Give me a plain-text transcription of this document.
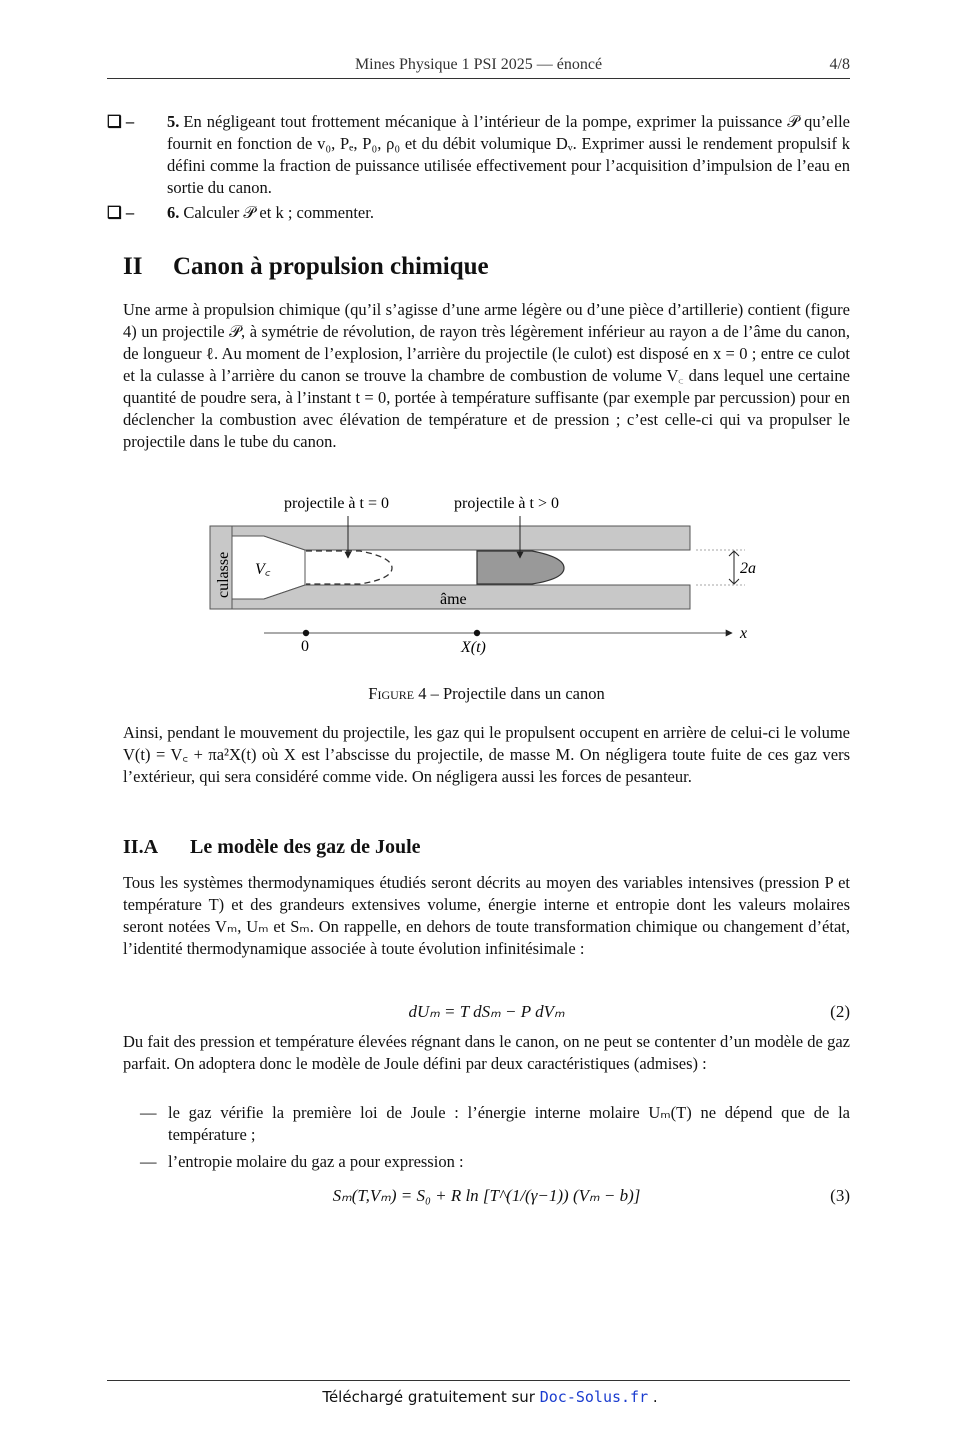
Mines Physique 1 PSI 2025 — énoncé	4/8
❑ – 5. En négligeant tout frottement mécanique à l’intérieur de la pompe, exprimer la puissance 𝒫 qu’elle fournit en fonction de v₀, Pₑ, P₀, ρ₀ et du débit volumique Dᵥ. Exprimer aussi le rendement propulsif k défini comme la fraction de puissance utilisée effectivement pour l’acquisition d’impulsion de l’eau en sortie du canon.
❑ – 6. Calculer 𝒫 et k ; commenter.
II Canon à propulsion chimique

Une arme à propulsion chimique (qu’il s’agisse d’une arme légère ou d’une pièce d’artillerie) contient (figure 4) un projectile 𝒫, à symétrie de révolution, de rayon très légèrement inférieur au rayon a de l’âme du canon, de longueur ℓ. Au moment de l’explosion, l’arrière du projectile (le culot) est disposé en x = 0 ; entre ce culot et la culasse à l’arrière du canon se trouve la chambre de combustion de volume V꜀ dans lequel une certaine quantité de poudre sera, à l’instant t = 0, portée à température suffisante (par exemple par percussion) pour en déclencher la combustion avec élévation de température et de pression ; c’est celle-ci qui va propulser le projectile dans le tube du canon.

projectile à t = 0	projectile à t > 0
culasse V꜀
âme
2a
x
0	X(t)
Figure 4 – Projectile dans un canon

Ainsi, pendant le mouvement du projectile, les gaz qui le propulsent occupent en arrière de celui-ci le volume V(t) = V꜀ + πa²X(t) où X est l’abscisse du projectile, de masse M. On négligera toute fuite de ces gaz vers l’extérieur, qui sera considéré comme vide. On négligera aussi les forces de pesanteur.

II.A Le modèle des gaz de Joule

Tous les systèmes thermodynamiques étudiés seront décrits au moyen des variables intensives (pression P et température T) et des grandeurs extensives volume, énergie interne et entropie dont les valeurs molaires seront notées Vₘ, Uₘ et Sₘ. On rappelle, en dehors de toute transformation chimique ou changement d’état, l’identité thermodynamique associée à toute évolution infinitésimale :

dUₘ = T dSₘ − P dVₘ	(2)

Du fait des pression et température élevées régnant dans le canon, on ne peut se contenter d’un modèle de gaz parfait. On adoptera donc le modèle de Joule défini par deux caractéristiques (admises) :

— le gaz vérifie la première loi de Joule : l’énergie interne molaire Uₘ(T) ne dépend que de la température ;
— l’entropie molaire du gaz a pour expression :
Sₘ(T,Vₘ) = S₀ + R ln [T^(1/(γ−1)) (Vₘ − b)]	(3)
Téléchargé gratuitement sur Doc-Solus.fr .
